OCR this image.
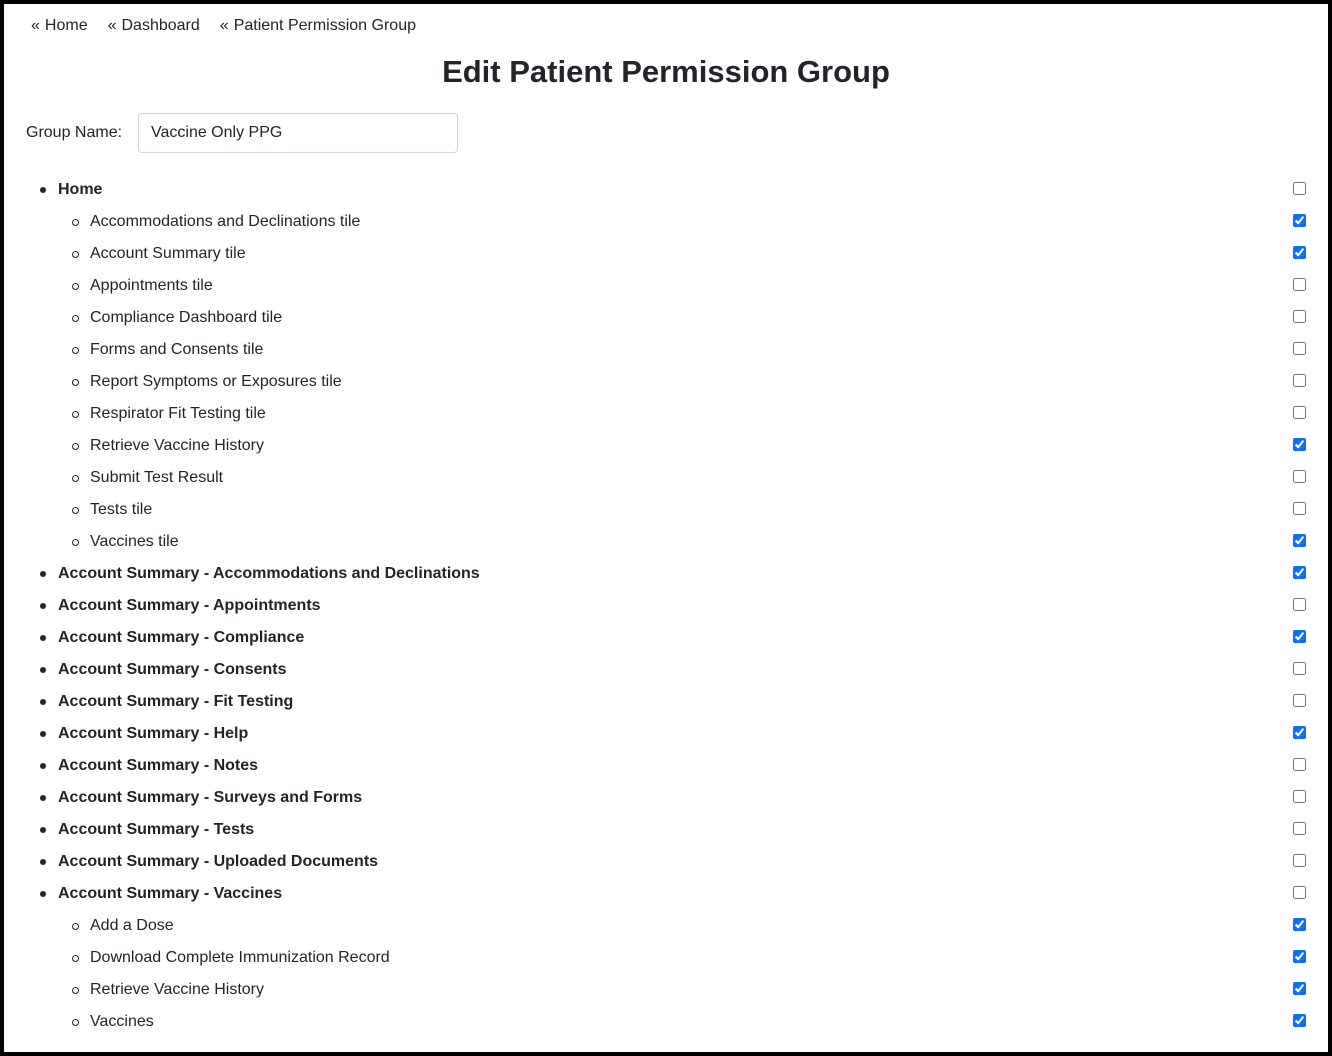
« Home « Dashboard « Patient Permission Group
Edit Patient Permission Group
Group Name:
Vaccine Only PPG
Home
Accommodations and Declinations tile
Account Summary tile
Appointments tile
Compliance Dashboard tile
Forms and Consents tile
Report Symptoms or Exposures tile
Respirator Fit Testing tile
Retrieve Vaccine History
Submit Test Result
Tests tile
Vaccines tile
Account Summary - Accommodations and Declinations
Account Summary - Appointments
Account Summary - Compliance
Account Summary - Consents
Account Summary - Fit Testing
Account Summary - Help
Account Summary - Notes
Account Summary - Surveys and Forms
Account Summary - Tests
Account Summary - Uploaded Documents
Account Summary - Vaccines
Add a Dose
Download Complete Immunization Record
Retrieve Vaccine History
Vaccines
